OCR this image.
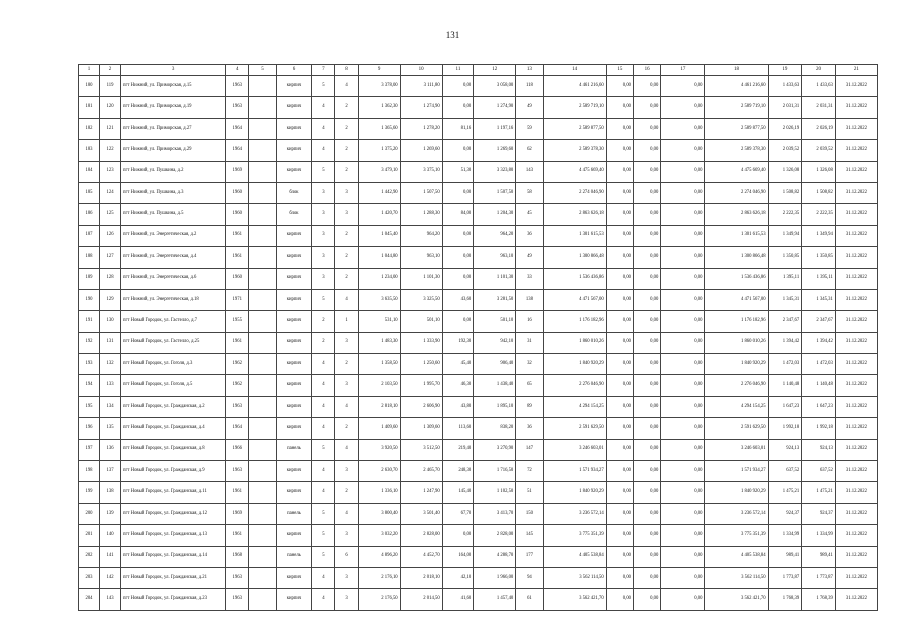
131
1	2	3	4	5	6	7	8	9	10	11	12	13	14	15	16	17	18	19	20	21
180	119	пгт Нижний, ул. Приморская, д.15	1963		кирпич	5	4	3 378,00	3 111,80	0,00	3 058,00	118	4 461 216,60	0,00	0,00	0,00	4 461 216,60	1 433,63	1 433,63	31.12.2022
181	120	пгт Нижний, ул. Приморская, д.19	1963		кирпич	4	2	1 362,30	1 274,90	0,00	1 274,90	49	2 589 719,10	0,00	0,00	0,00	2 589 719,10	2 031,31	2 031,31	31.12.2022
182	121	пгт Нижний, ул. Приморская, д.27	1964		кирпич	4	2	1 365,60	1 278,20	81,16	1 197,16	59	2 589 877,50	0,00	0,00	0,00	2 589 877,50	2 026,19	2 026,19	31.12.2022
183	122	пгт Нижний, ул. Приморская, д.29	1964		кирпич	4	2	1 375,20	1 269,60	0,00	1 269,60	62	2 589 378,30	0,00	0,00	0,00	2 589 378,30	2 039,52	2 039,52	31.12.2022
184	123	пгт Нижний, ул. Пушкина, д.2	1969		кирпич	5	2	3 479,10	3 375,10	51,30	3 323,80	143	4 475 669,40	0,00	0,00	0,00	4 475 669,40	1 326,08	1 326,08	31.12.2022
185	124	пгт Нижний, ул. Пушкина, д.3	1960		блок	3	3	1 442,90	1 507,50	0,00	1 507,50	58	2 274 046,90	0,00	0,00	0,00	2 274 046,90	1 508,82	1 508,82	31.12.2022
186	125	пгт Нижний, ул. Пушкина, д.5	1960		блок	3	3	1 420,70	1 288,30	84,00	1 204,30	45	2 863 626,18	0,00	0,00	0,00	2 863 626,18	2 222,35	2 222,35	31.12.2022
187	126	пгт Нижний, ул. Энергетическая, д.2	1961		кирпич	3	2	1 045,40	964,20	0,00	964,20	36	1 301 615,53	0,00	0,00	0,00	1 301 615,53	1 349,94	1 349,94	31.12.2022
188	127	пгт Нижний, ул. Энергетическая, д.4	1961		кирпич	3	2	1 044,80	963,10	0,00	963,10	49	1 300 866,48	0,00	0,00	0,00	1 300 866,48	1 350,85	1 350,85	31.12.2022
189	128	пгт Нижний, ул. Энергетическая, д.6	1960		кирпич	3	2	1 234,00	1 101,30	0,00	1 101,30	33	1 536 436,86	0,00	0,00	0,00	1 536 436,86	1 395,11	1 395,11	31.12.2022
190	129	пгт Нижний, ул. Энергетическая, д.18	1971		кирпич	5	4	3 635,50	3 325,50	43,60	3 281,50	138	4 471 567,00	0,00	0,00	0,00	4 471 567,00	1 345,31	1 345,31	31.12.2022
191	130	пгт Новый Городок, ул. Гастелло, д.7	1955		кирпич	2	1	531,10	501,10	0,00	501,10	16	1 176 182,96	0,00	0,00	0,00	1 176 182,96	2 347,67	2 347,67	31.12.2022
192	131	пгт Новый Городок, ул. Гастелло, д.25	1961		кирпич	2	3	1 483,30	1 333,90	192,30	942,10	31	1 860 010,26	0,00	0,00	0,00	1 860 010,26	1 394,42	1 394,42	31.12.2022
193	132	пгт Новый Городок, ул. Гоголя, д.3	1962		кирпич	4	2	1 358,50	1 250,60	45,40	906,40	32	1 840 920,29	0,00	0,00	0,00	1 840 920,29	1 472,03	1 472,03	31.12.2022
194	133	пгт Новый Городок, ул. Гоголя, д.5	1962		кирпич	4	3	2 103,50	1 995,70	46,30	1 438,40	65	2 276 046,90	0,00	0,00	0,00	2 276 046,90	1 140,48	1 140,48	31.12.2022
195	134	пгт Новый Городок, ул. Гражданская, д.2	1963		кирпич	4	4	2 818,10	2 606,90	43,80	1 895,10	89	4 294 154,25	0,00	0,00	0,00	4 294 154,25	1 647,23	1 647,23	31.12.2022
196	135	пгт Новый Городок, ул. Гражданская, д.4	1964		кирпич	4	2	1 409,60	1 309,60	113,60	838,20	36	2 591 629,50	0,00	0,00	0,00	2 591 629,50	1 992,18	1 992,18	31.12.2022
197	136	пгт Новый Городок, ул. Гражданская, д.8	1966		панель	5	4	3 920,50	3 512,50	219,40	3 270,90	147	3 246 603,01	0,00	0,00	0,00	3 246 603,01	924,13	924,13	31.12.2022
198	137	пгт Новый Городок, ул. Гражданская, д.9	1963		кирпич	4	3	2 630,70	2 465,70	248,30	1 716,50	72	1 571 934,27	0,00	0,00	0,00	1 571 934,27	637,52	637,52	31.12.2022
199	138	пгт Новый Городок, ул. Гражданская, д.11	1961		кирпич	4	2	1 336,10	1 247,90	145,40	1 102,50	51	1 840 920,29	0,00	0,00	0,00	1 840 920,29	1 475,21	1 475,21	31.12.2022
200	139	пгт Новый Городок, ул. Гражданская, д.12	1969		панель	5	4	3 800,40	3 501,40	67,70	3 413,70	150	3 236 572,14	0,00	0,00	0,00	3 236 572,14	924,37	924,37	31.12.2022
201	140	пгт Новый Городок, ул. Гражданская, д.13	1961		кирпич	5	3	3 032,20	2 828,00	0,00	2 828,00	145	3 775 351,39	0,00	0,00	0,00	3 775 351,39	1 334,99	1 334,99	31.12.2022
202	141	пгт Новый Городок, ул. Гражданская, д.14	1968		панель	5	6	4 896,20	4 452,70	164,00	4 288,70	177	4 405 538,84	0,00	0,00	0,00	4 405 538,84	989,41	989,41	31.12.2022
203	142	пгт Новый Городок, ул. Гражданская, д.21	1963		кирпич	4	3	2 176,10	2 018,10	42,10	1 966,00	94	3 562 114,50	0,00	0,00	0,00	3 562 114,50	1 773,87	1 773,87	31.12.2022
204	143	пгт Новый Городок, ул. Гражданская, д.23	1963		кирпич	4	3	2 176,50	2 014,50	41,60	1 457,40	61	3 562 421,70	0,00	0,00	0,00	3 562 421,70	1 768,39	1 768,39	31.12.2022
